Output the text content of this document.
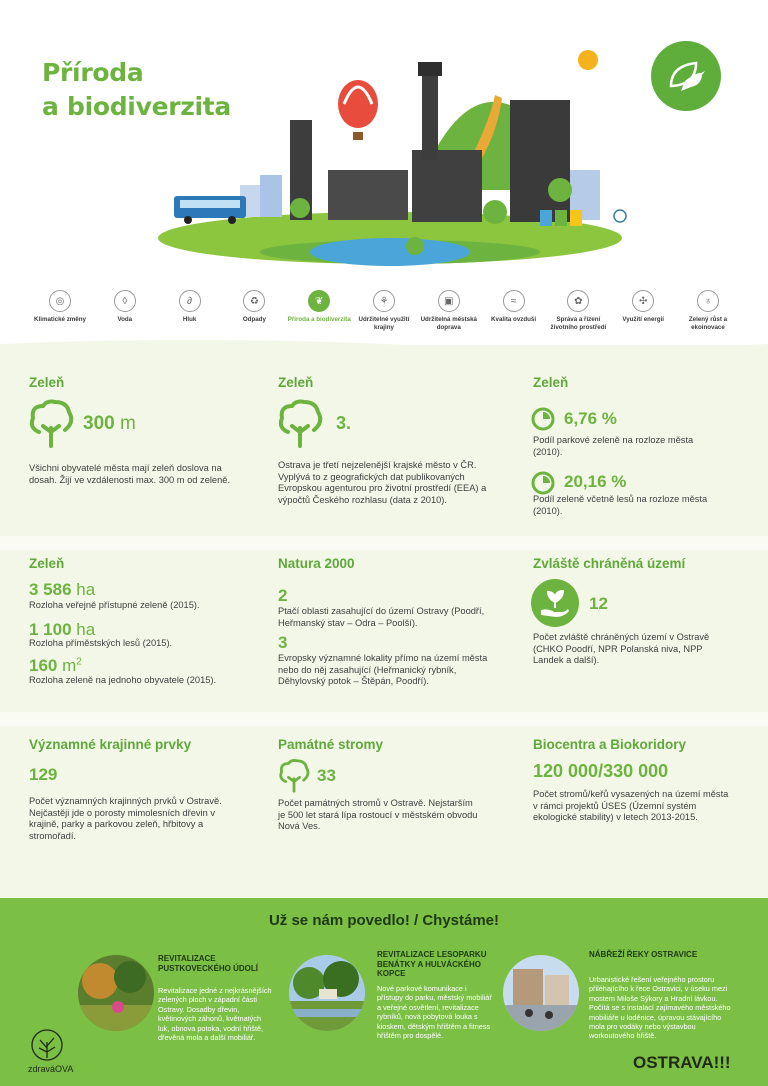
Příroda
a biodiverzita
◎
Klimatické změny
◊
Voda
∂
Hluk
♻
Odpady
❦
Příroda a biodiverzita
⚘
Udržitelné využití krajiny
▣
Udržitelná městská doprava
≈
Kvalita ovzduší
✿
Správa a řízení životního prostředí
✣
Využití energií
♁
Zelený růst a ekoinovace
Zeleň
300 m
Všichni obyvatelé města mají zeleň doslova na dosah. Žijí ve vzdálenosti max. 300 m od zeleně.
Zeleň
3.
Ostrava je třetí nejzelenější krajské město v ČR. Vyplývá to z geografických dat publikovaných Evropskou agenturou pro životní prostředí (EEA) a výpočtů Českého rozhlasu (data z 2010).
Zeleň
6,76 %
Podíl parkové zeleně na rozloze města (2010).
20,16 %
Podíl zeleně včetně lesů na rozloze města (2010).
Zeleň
3 586 ha
Rozloha veřejně přístupné zeleně (2015).
1 100 ha
Rozloha příměstských lesů (2015).
160 $m^2$
Rozloha zeleně na jednoho obyvatele (2015).
Natura 2000
2
Ptačí oblasti zasahující do území Ostravy (Poodří, Heřmanský stav – Odra – Poolší).
3
Evropsky významné lokality přímo na území města nebo do něj zasahující (Heřmanický rybník, Děhylovský potok – Štěpán, Poodří).
Zvláště chráněná území
12
Počet zvláště chráněných území v Ostravě (CHKO Poodří, NPR Polanská niva, NPP Landek a další).
Významné krajinné prvky
129
Počet významných krajinných prvků v Ostravě. Nejčastěji jde o porosty mimolesních dřevin v krajině, parky a parkovou zeleň, hřbitovy a stromořadí.
Památné stromy
33
Počet památných stromů v Ostravě. Nejstarším je 500 let stará lípa rostoucí v městském obvodu Nová Ves.
Biocentra a Biokoridory
120 000/330 000
Počet stromů/keřů vysazených na území města v rámci projektů ÚSES (Územní systém ekologické stability) v letech 2013-2015.
Už se nám povedlo! / Chystáme!
REVITALIZACE PUSTKOVECKÉHO ÚDOLÍ
Revitalizace jedné z nejkrásnějších zelených ploch v západní části Ostravy. Dosadby dřevin, květinových záhonů, květnatých luk, obnova potoka, vodní hřiště, dřevěná mola a další mobiliář.
REVITALIZACE LESOPARKU BENÁTKY A HULVÁCKÉHO KOPCE
Nové parkové komunikace i přístupy do parku, městský mobiliář a veřejné osvětlení, revitalizace rybníků, nová pobytová louka s kioskem, dětským hřištěm a fitness hřištěm pro dospělé.
NÁBŘEŽÍ ŘEKY OSTRAVICE
Urbanistické řešení veřejného prostoru přiléhajícího k řece Ostravici, v úseku mezi mostem Miloše Sýkory a Hradní lávkou. Počítá se s instalací zajímavého městského mobiliáře u loděnice, úpravou stávajícího mola pro vodáky nebo výstavbou workoutového hřiště.
zdraváOVA	OSTRAVA!!!
